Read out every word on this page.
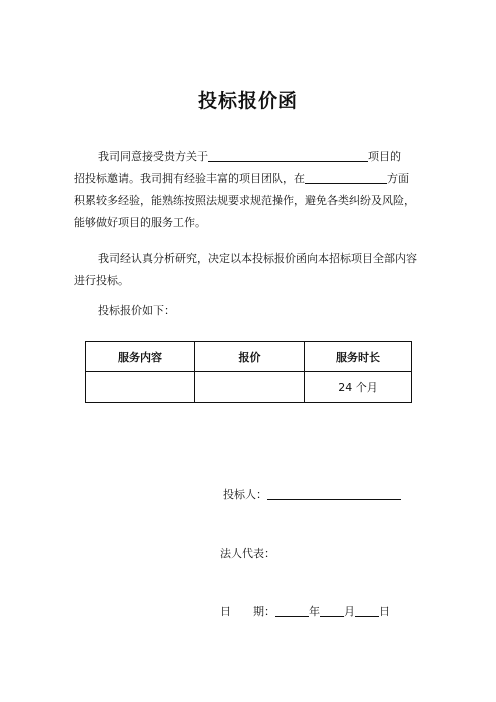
投标报价函
我司同意接受贵方关于	项目的
招投标邀请。我司拥有经验丰富的项目团队，在	方面
积累较多经验，能熟练按照法规要求规范操作，避免各类纠纷及风险，
能够做好项目的服务工作。
我司经认真分析研究，决定以本投标报价函向本招标项目全部内容进行投标。
投标报价如下：
服务内容	报价	服务时长
		24 个月
投标人：
法人代表：
日　　期：	年 月 日
